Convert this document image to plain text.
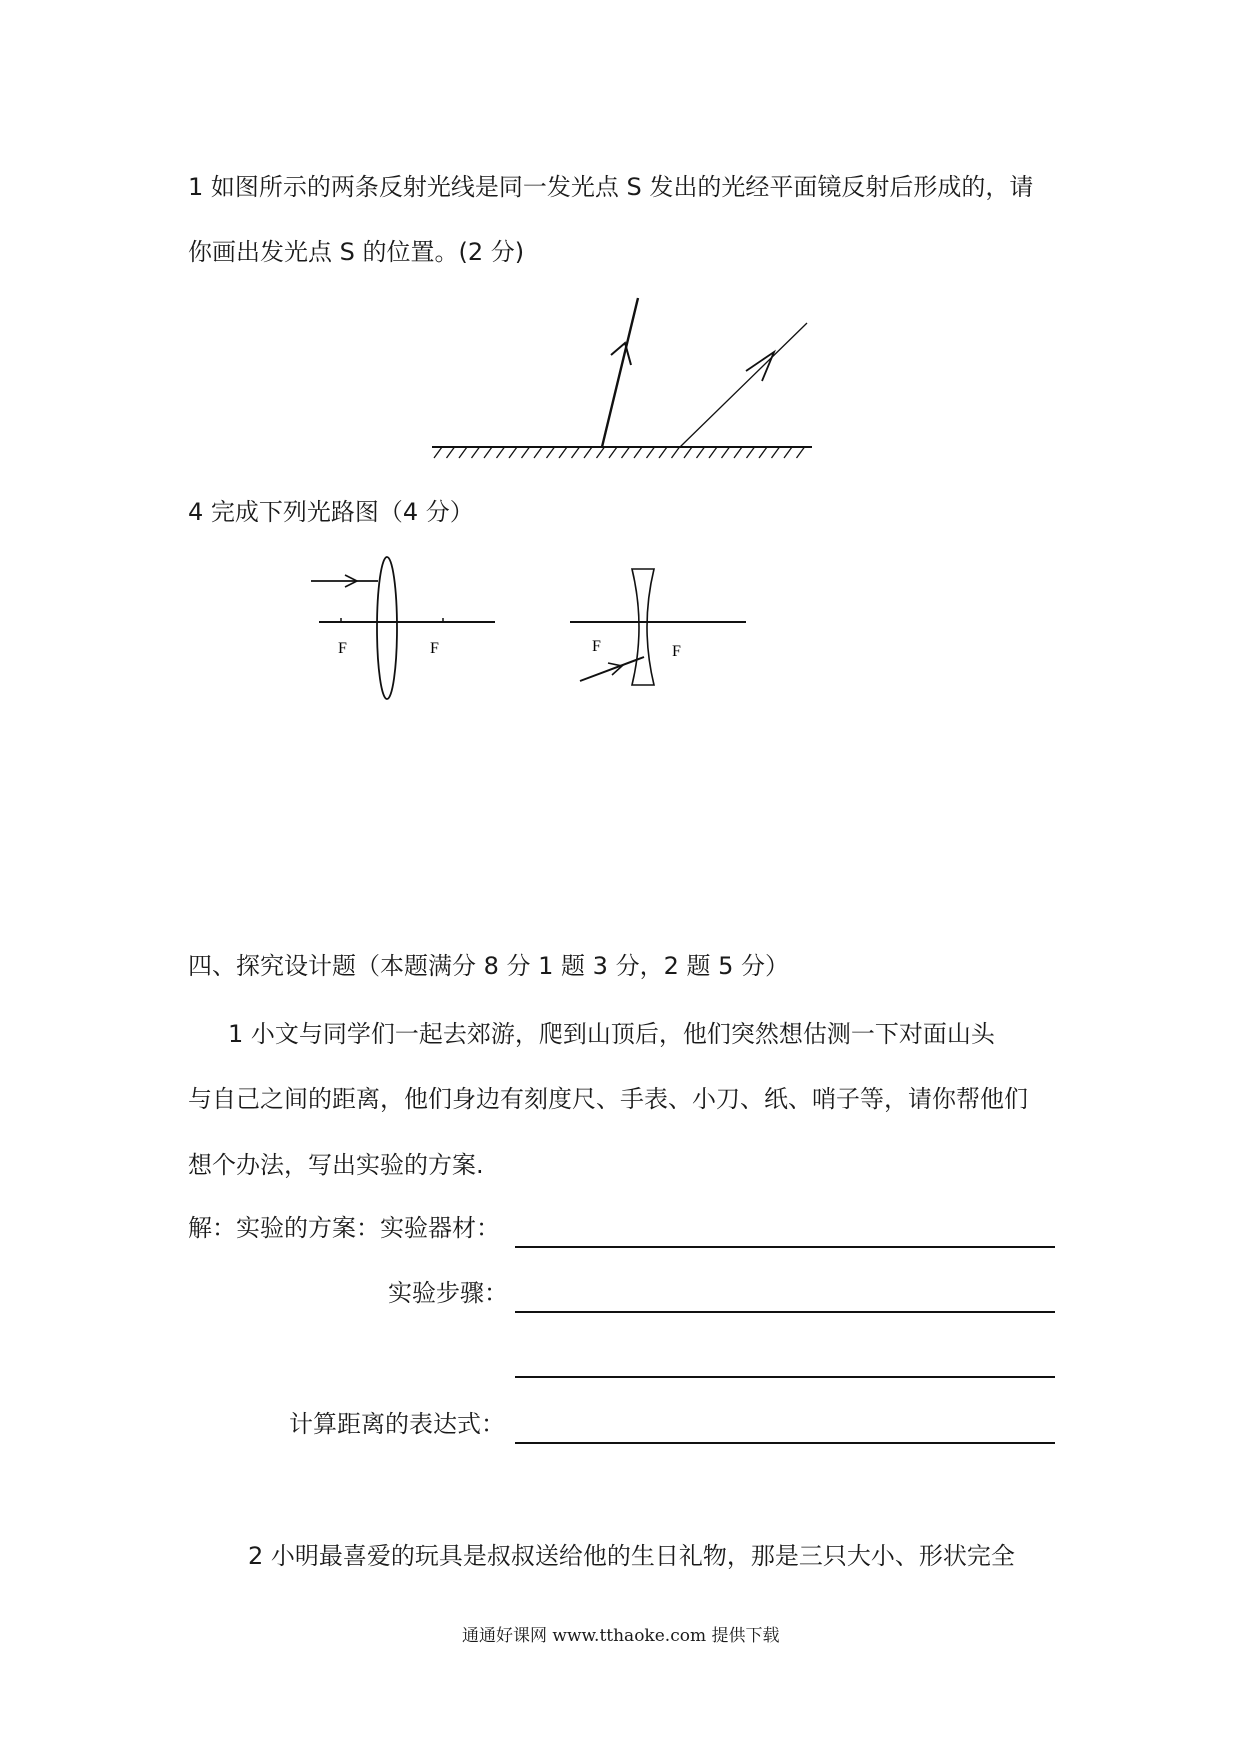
1 如图所示的两条反射光线是同一发光点 S 发出的光经平面镜反射后形成的，请
你画出发光点 S 的位置。(2 分)
4 完成下列光路图（4 分）
F	F	F	F
四、探究设计题（本题满分 8 分 1 题 3 分，2 题 5 分）
1 小文与同学们一起去郊游，爬到山顶后，他们突然想估测一下对面山头
与自己之间的距离，他们身边有刻度尺、手表、小刀、纸、哨子等，请你帮他们
想个办法，写出实验的方案.
解：实验的方案：实验器材：
实验步骤：
计算距离的表达式：
2 小明最喜爱的玩具是叔叔送给他的生日礼物，那是三只大小、形状完全
通通好课网 www.tthaoke.com 提供下载
